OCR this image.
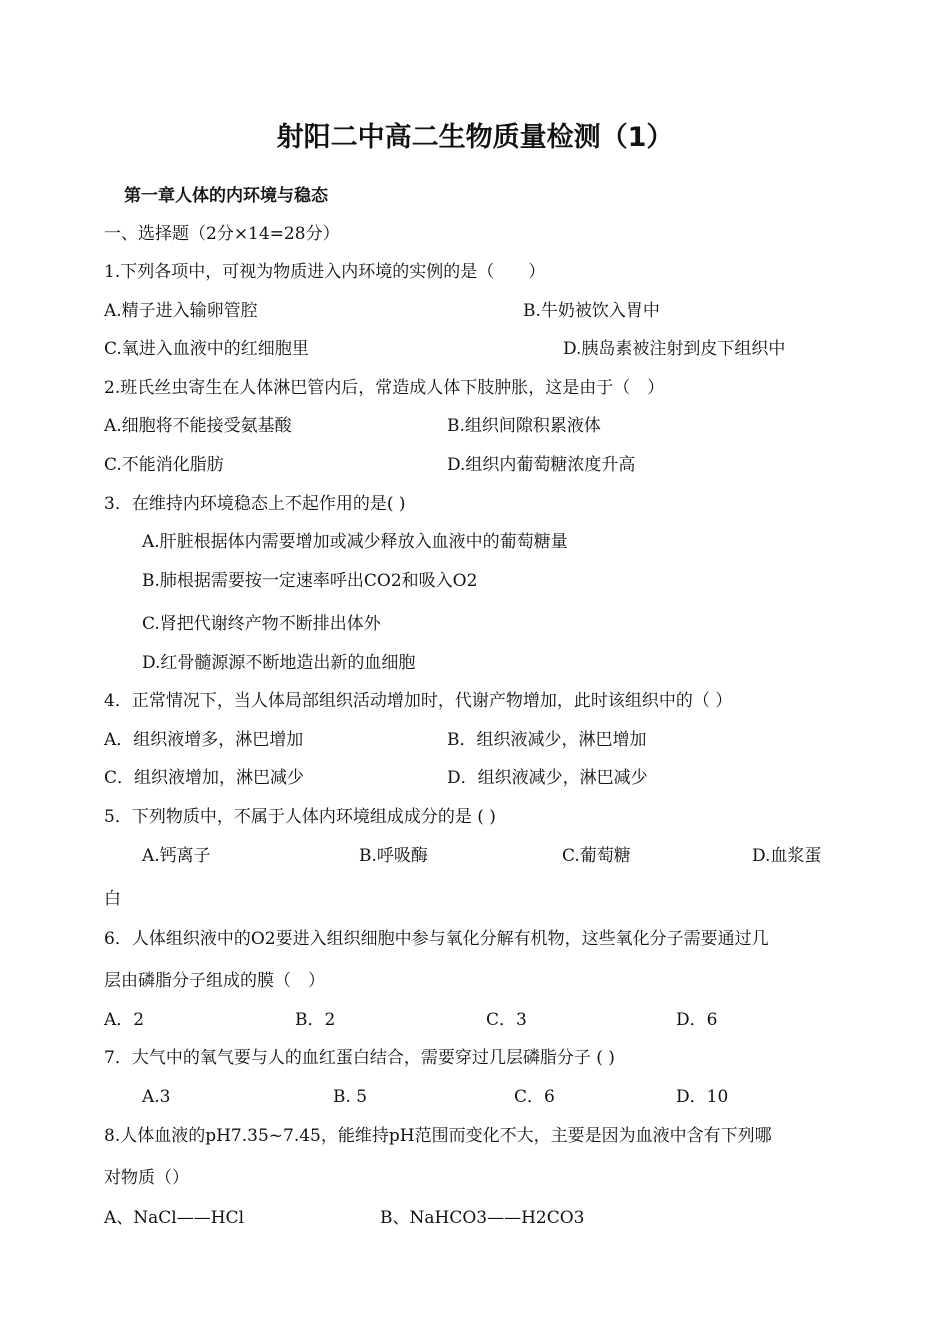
射阳二中高二生物质量检测（1）
第一章人体的内环境与稳态
一、选择题（2分×14=28分）
1.下列各项中，可视为物质进入内环境的实例的是（　　）
A.精子进入输卵管腔	B.牛奶被饮入胃中
C.氧进入血液中的红细胞里	D.胰岛素被注射到皮下组织中
2.班氏丝虫寄生在人体淋巴管内后，常造成人体下肢肿胀，这是由于（　）
A.细胞将不能接受氨基酸	B.组织间隙积累液体
C.不能消化脂肪	D.组织内葡萄糖浓度升高
3．在维持内环境稳态上不起作用的是( )
A.肝脏根据体内需要增加或减少释放入血液中的葡萄糖量
B.肺根据需要按一定速率呼出CO2和吸入O2
C.肾把代谢终产物不断排出体外
D.红骨髓源源不断地造出新的血细胞
4．正常情况下，当人体局部组织活动增加时，代谢产物增加，此时该组织中的（ ）
A．组织液增多，淋巴增加	B．组织液减少，淋巴增加
C．组织液增加，淋巴减少	D．组织液减少，淋巴减少
5．下列物质中，不属于人体内环境组成成分的是 ( )
A.钙离子	B.呼吸酶	C.葡萄糖	D.血浆蛋
白
6．人体组织液中的O2要进入组织细胞中参与氧化分解有机物，这些氧化分子需要通过几
层由磷脂分子组成的膜（　）
A．2	B．2	C．3	D．6
7．大气中的氧气要与人的血红蛋白结合，需要穿过几层磷脂分子 ( )
A.3	B. 5	C．6	D．10
8.人体血液的pH7.35~7.45，能维持pH范围而变化不大，主要是因为血液中含有下列哪
对物质（）
A、NaCl——HCl	B、NaHCO3——H2CO3
